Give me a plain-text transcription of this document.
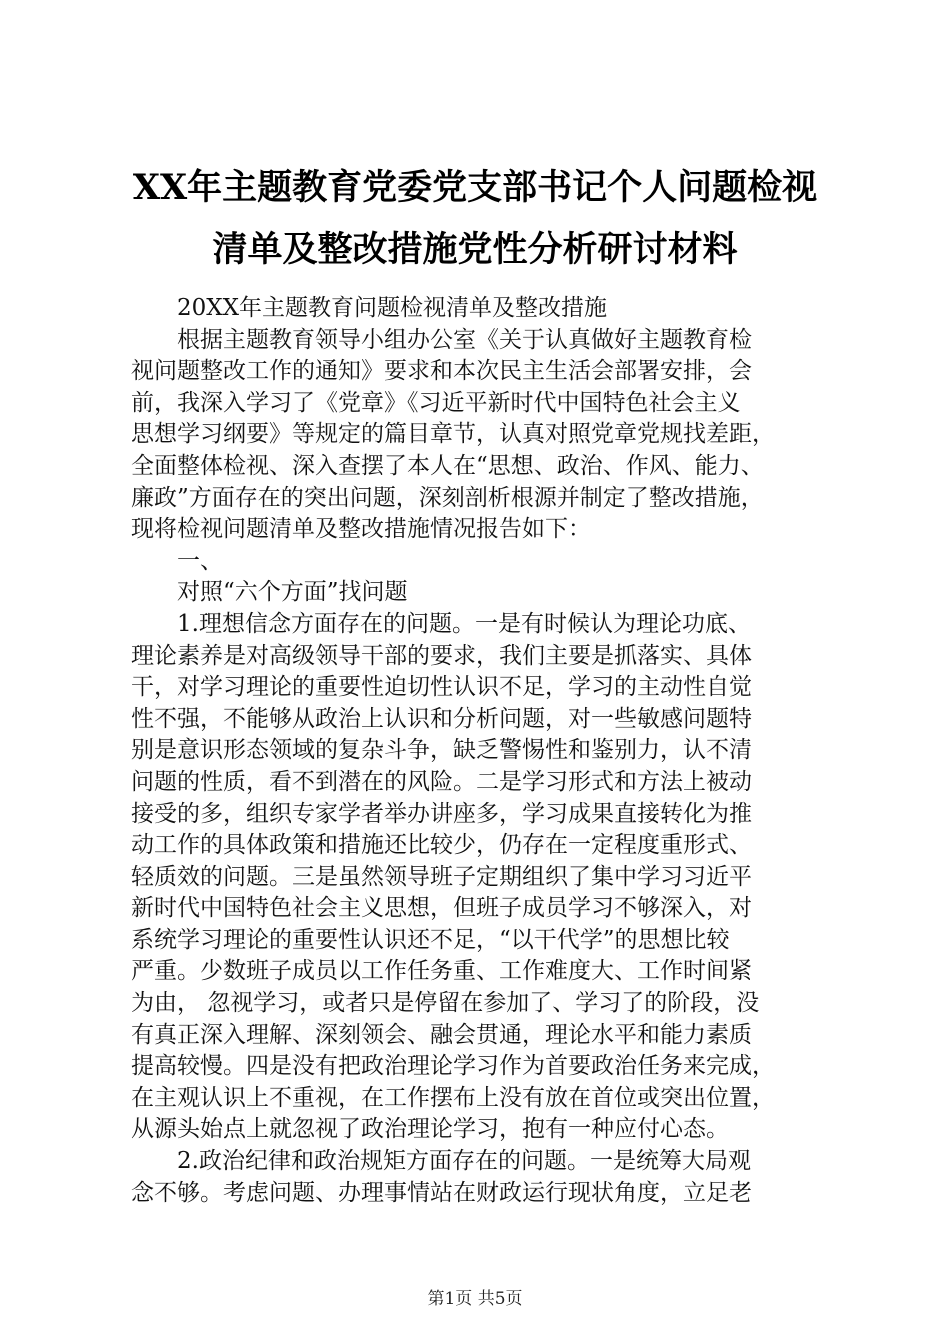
XX年主题教育党委党支部书记个人问题检视
清单及整改措施党性分析研讨材料

20XX年主题教育问题检视清单及整改措施

根据主题教育领导小组办公室《关于认真做好主题教育检

视问题整改工作的通知》要求和本次民主生活会部署安排，会

前，我深入学习了《党章》《习近平新时代中国特色社会主义

思想学习纲要》等规定的篇目章节，认真对照党章党规找差距，

全面整体检视、深入查摆了本人在“思想、政治、作风、能力、

廉政”方面存在的突出问题，深刻剖析根源并制定了整改措施，

现将检视问题清单及整改措施情况报告如下：

一、

对照“六个方面”找问题

1.理想信念方面存在的问题。一是有时候认为理论功底、

理论素养是对高级领导干部的要求，我们主要是抓落实、具体

干，对学习理论的重要性迫切性认识不足，学习的主动性自觉

性不强，不能够从政治上认识和分析问题，对一些敏感问题特

别是意识形态领域的复杂斗争，缺乏警惕性和鉴别力，认不清

问题的性质，看不到潜在的风险。二是学习形式和方法上被动

接受的多，组织专家学者举办讲座多，学习成果直接转化为推

动工作的具体政策和措施还比较少，仍存在一定程度重形式、

轻质效的问题。三是虽然领导班子定期组织了集中学习习近平

新时代中国特色社会主义思想，但班子成员学习不够深入，对

系统学习理论的重要性认识还不足，“以干代学”的思想比较

严重。少数班子成员以工作任务重、工作难度大、工作时间紧

为由， 忽视学习，或者只是停留在参加了、学习了的阶段，没

有真正深入理解、深刻领会、融会贯通，理论水平和能力素质

提高较慢。四是没有把政治理论学习作为首要政治任务来完成，

在主观认识上不重视，在工作摆布上没有放在首位或突出位置，

从源头始点上就忽视了政治理论学习，抱有一种应付心态。

2.政治纪律和政治规矩方面存在的问题。一是统筹大局观

念不够。考虑问题、办理事情站在财政运行现状角度，立足老

第1页 共5页
